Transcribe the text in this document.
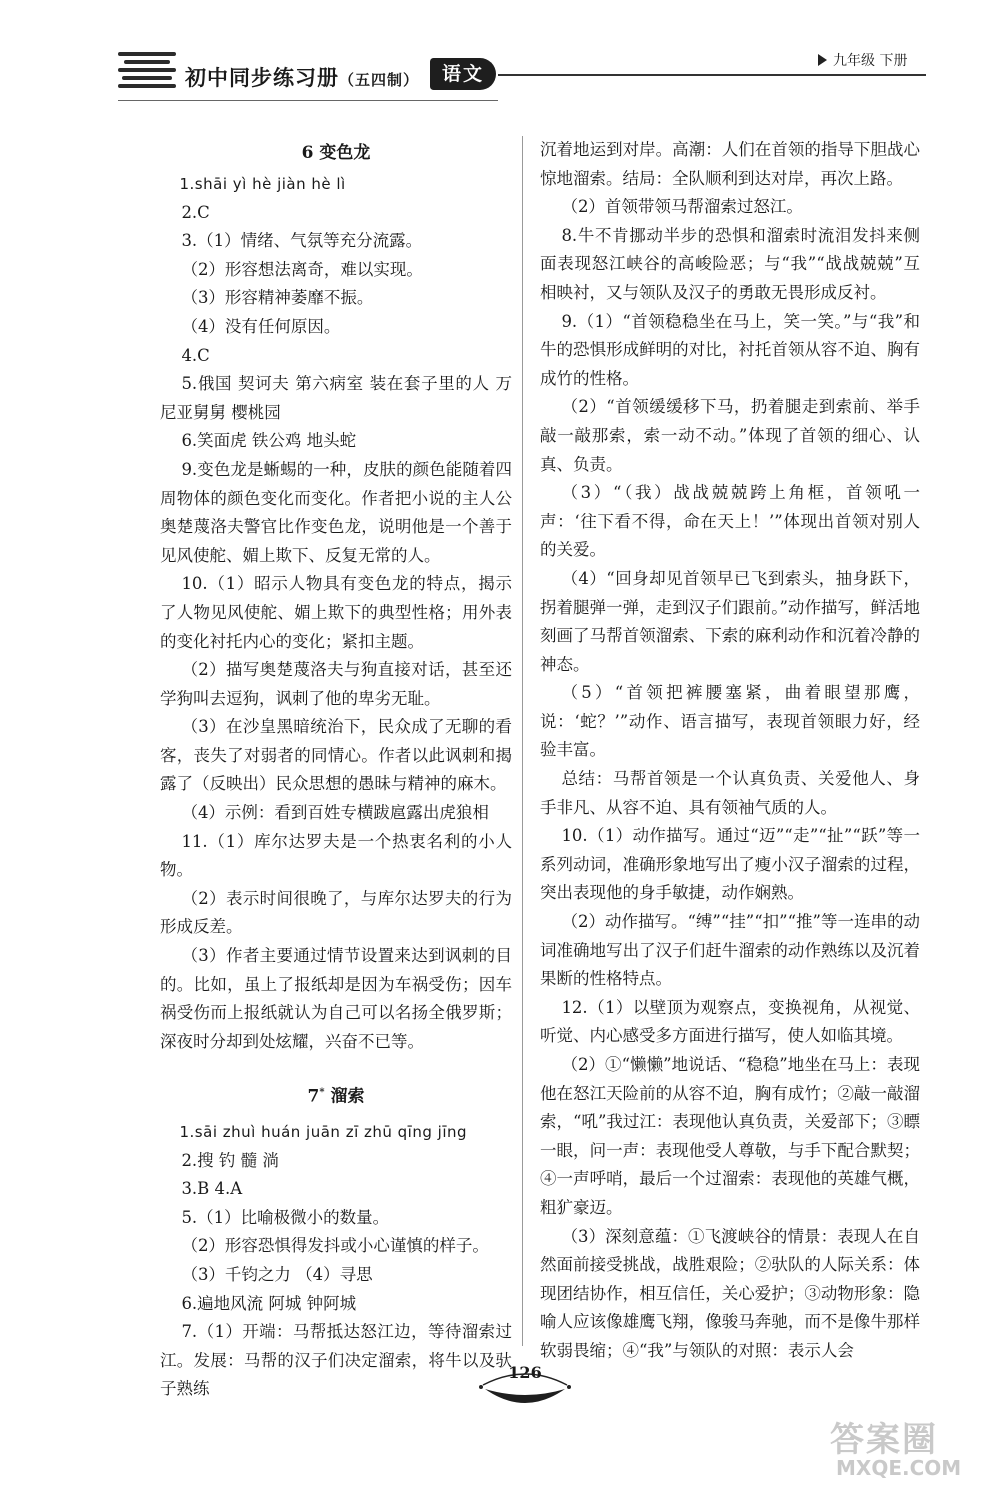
初中同步练习册（五四制）	语文
九年级 下册
6 变色龙

1.shāi yì hè jiàn hè lì

2.C

3.（1）情绪、气氛等充分流露。

（2）形容想法离奇，难以实现。

（3）形容精神萎靡不振。

（4）没有任何原因。

4.C

5.俄国 契诃夫 第六病室 装在套子里的人 万尼亚舅舅 樱桃园

6.笑面虎 铁公鸡 地头蛇

9.变色龙是蜥蜴的一种，皮肤的颜色能随着四周物体的颜色变化而变化。作者把小说的主人公奥楚蔑洛夫警官比作变色龙，说明他是一个善于见风使舵、媚上欺下、反复无常的人。

10.（1）昭示人物具有变色龙的特点，揭示了人物见风使舵、媚上欺下的典型性格；用外表的变化衬托内心的变化；紧扣主题。

（2）描写奥楚蔑洛夫与狗直接对话，甚至还学狗叫去逗狗，讽刺了他的卑劣无耻。

（3）在沙皇黑暗统治下，民众成了无聊的看客，丧失了对弱者的同情心。作者以此讽刺和揭露了（反映出）民众思想的愚昧与精神的麻木。

（4）示例：看到百姓专横跋扈露出虎狼相

11.（1）库尔达罗夫是一个热衷名利的小人物。

（2）表示时间很晚了，与库尔达罗夫的行为形成反差。

（3）作者主要通过情节设置来达到讽刺的目的。比如，虽上了报纸却是因为车祸受伤；因车祸受伤而上报纸就认为自己可以名扬全俄罗斯；深夜时分却到处炫耀，兴奋不已等。

7* 溜索

1.sāi zhuì huán juān zī zhū qīng jīng

2.搜 钓 髓 淌

3.B 4.A

5.（1）比喻极微小的数量。

（2）形容恐惧得发抖或小心谨慎的样子。

（3）千钧之力 （4）寻思

6.遍地风流 阿城 钟阿城

7.（1）开端：马帮抵达怒江边，等待溜索过江。发展：马帮的汉子们决定溜索，将牛以及驮子熟练

沉着地运到对岸。高潮：人们在首领的指导下胆战心惊地溜索。结局：全队顺利到达对岸，再次上路。

（2）首领带领马帮溜索过怒江。

8.牛不肯挪动半步的恐惧和溜索时流泪发抖来侧面表现怒江峡谷的高峻险恶；与“我”“战战兢兢”互相映衬，又与领队及汉子的勇敢无畏形成反衬。

9.（1）“首领稳稳坐在马上，笑一笑。”与“我”和牛的恐惧形成鲜明的对比，衬托首领从容不迫、胸有成竹的性格。

（2）“首领缓缓移下马，扔着腿走到索前、举手敲一敲那索，索一动不动。”体现了首领的细心、认真、负责。

（3）“（我）战战兢兢跨上角框，首领吼一声：‘往下看不得，命在天上！’”体现出首领对别人的关爱。

（4）“回身却见首领早已飞到索头，抽身跃下，拐着腿弹一弹，走到汉子们跟前。”动作描写，鲜活地刻画了马帮首领溜索、下索的麻利动作和沉着冷静的神态。

（5）“首领把裤腰塞紧，曲着眼望那鹰，说：‘蛇？’”动作、语言描写，表现首领眼力好，经验丰富。

总结：马帮首领是一个认真负责、关爱他人、身手非凡、从容不迫、具有领袖气质的人。

10.（1）动作描写。通过“迈”“走”“扯”“跃”等一系列动词，准确形象地写出了瘦小汉子溜索的过程，突出表现他的身手敏捷，动作娴熟。

（2）动作描写。“缚”“挂”“扣”“推”等一连串的动词准确地写出了汉子们赶牛溜索的动作熟练以及沉着果断的性格特点。

12.（1）以壁顶为观察点，变换视角，从视觉、听觉、内心感受多方面进行描写，使人如临其境。

（2）①“懒懒”地说话、“稳稳”地坐在马上：表现他在怒江天险前的从容不迫，胸有成竹；②敲一敲溜索，“吼”我过江：表现他认真负责，关爱部下；③瞟一眼，问一声：表现他受人尊敬，与手下配合默契；④一声呼哨，最后一个过溜索：表现他的英雄气概，粗犷豪迈。

（3）深刻意蕴：①飞渡峡谷的情景：表现人在自然面前接受挑战，战胜艰险；②驮队的人际关系：体现团结协作，相互信任，关心爱护；③动物形象：隐喻人应该像雄鹰飞翔，像骏马奔驰，而不是像牛那样软弱畏缩；④“我”与领队的对照：表示人会

126
答案圈
MXQE.COM
